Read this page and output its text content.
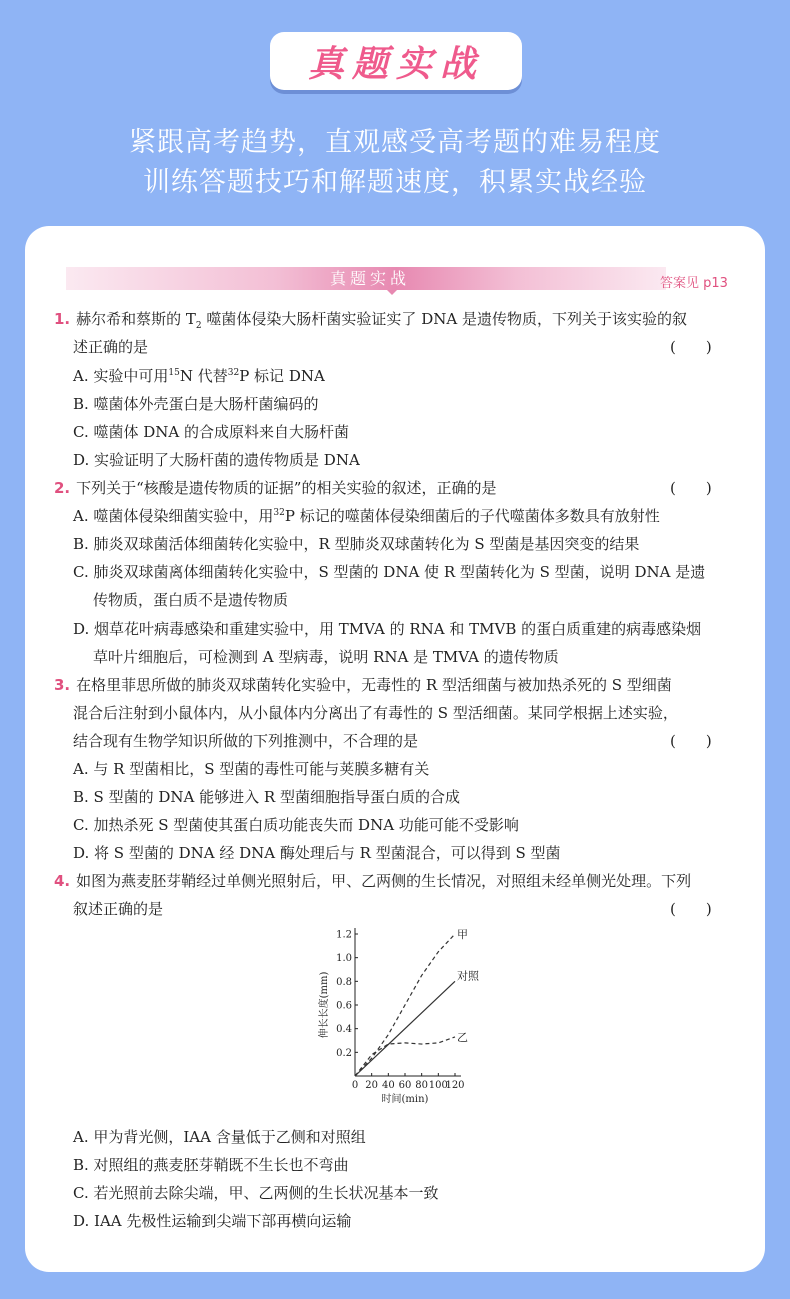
真题实战
紧跟高考趋势，直观感受高考题的难易程度
训练答题技巧和解题速度，积累实战经验
真题实战	答案见 p13
1. 赫尔希和蔡斯的 $T_2$ 噬菌体侵染大肠杆菌实验证实了 DNA 是遗传物质，下列关于该实验的叙
述正确的是	(　　)
A. 实验中可用$^{15}$N 代替$^{32}$P 标记 DNA
B. 噬菌体外壳蛋白是大肠杆菌编码的
C. 噬菌体 DNA 的合成原料来自大肠杆菌
D. 实验证明了大肠杆菌的遗传物质是 DNA
2. 下列关于“核酸是遗传物质的证据”的相关实验的叙述，正确的是	(　　)
A. 噬菌体侵染细菌实验中，用$^{32}$P 标记的噬菌体侵染细菌后的子代噬菌体多数具有放射性
B. 肺炎双球菌活体细菌转化实验中，R 型肺炎双球菌转化为 S 型菌是基因突变的结果
C. 肺炎双球菌离体细菌转化实验中，S 型菌的 DNA 使 R 型菌转化为 S 型菌，说明 DNA 是遗
传物质，蛋白质不是遗传物质
D. 烟草花叶病毒感染和重建实验中，用 TMVA 的 RNA 和 TMVB 的蛋白质重建的病毒感染烟
草叶片细胞后，可检测到 A 型病毒，说明 RNA 是 TMVA 的遗传物质
3. 在格里菲思所做的肺炎双球菌转化实验中，无毒性的 R 型活细菌与被加热杀死的 S 型细菌
混合后注射到小鼠体内，从小鼠体内分离出了有毒性的 S 型活细菌。某同学根据上述实验，
结合现有生物学知识所做的下列推测中，不合理的是	(　　)
A. 与 R 型菌相比，S 型菌的毒性可能与荚膜多糖有关
B. S 型菌的 DNA 能够进入 R 型菌细胞指导蛋白质的合成
C. 加热杀死 S 型菌使其蛋白质功能丧失而 DNA 功能可能不受影响
D. 将 S 型菌的 DNA 经 DNA 酶处理后与 R 型菌混合，可以得到 S 型菌
4. 如图为燕麦胚芽鞘经过单侧光照射后，甲、乙两侧的生长情况，对照组未经单侧光处理。下列
叙述正确的是	(　　)
0.2
0.4
0.6
0.8
1.0
1.2
0 20 40 60 80 100
120
时间(min)
伸长长度(mm)
甲
对照
乙
A. 甲为背光侧，IAA 含量低于乙侧和对照组
B. 对照组的燕麦胚芽鞘既不生长也不弯曲
C. 若光照前去除尖端，甲、乙两侧的生长状况基本一致
D. IAA 先极性运输到尖端下部再横向运输
